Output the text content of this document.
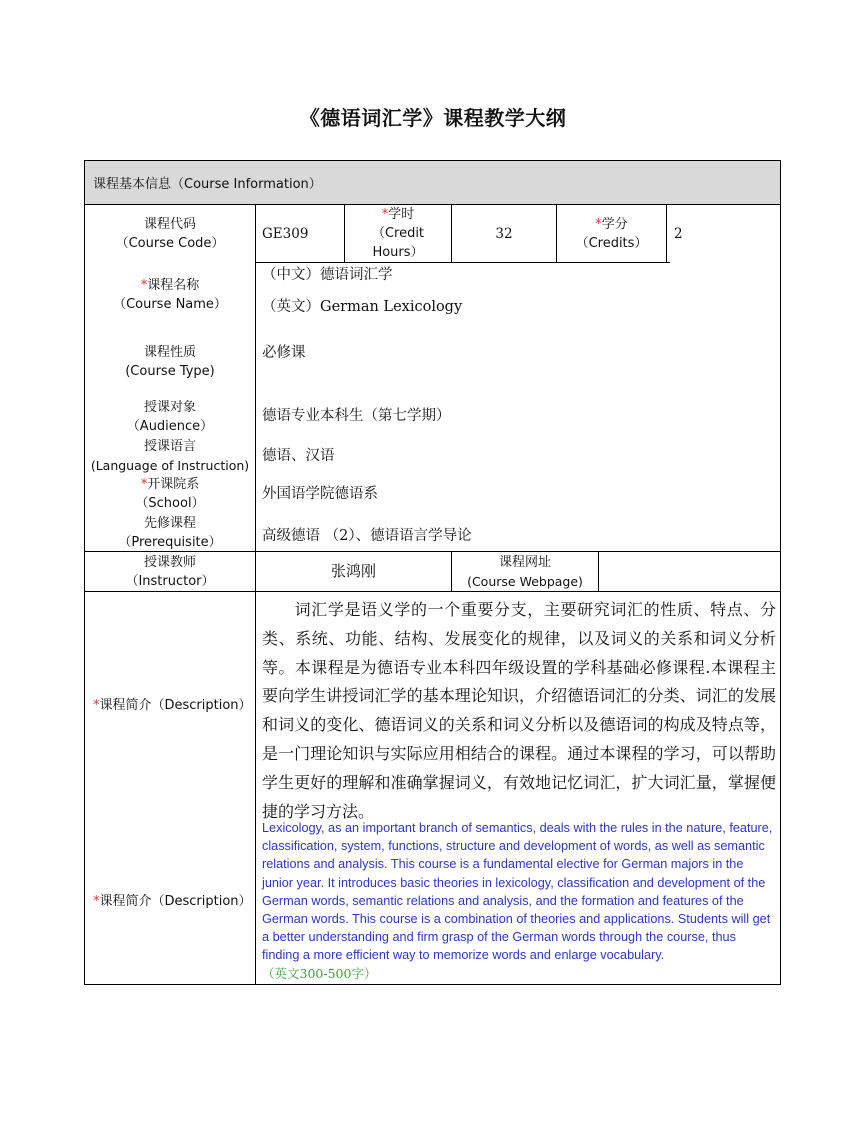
《德语词汇学》课程教学大纲
课程基本信息（Course Information）
课程代码
（Course Code）
GE309
*学时
（Credit
Hours）
32
*学分
（Credits）
2
*课程名称
（Course Name）
（中文）德语词汇学
（英文）German Lexicology
课程性质
(Course Type)
必修课
授课对象
（Audience）
德语专业本科生（第七学期）
授课语言
(Language of Instruction)
德语、汉语
*开课院系
（School）
外国语学院德语系
先修课程
（Prerequisite）	高级德语 （2）、德语语言学导论
授课教师
（Instructor）
张鸿刚	课程网址
(Course Webpage)
*课程简介（Description）
词汇学是语义学的一个重要分支，主要研究词汇的性质、特点、分类、系统、功能、结构、发展变化的规律，以及词义的关系和词义分析等。本课程是为德语专业本科四年级设置的学科基础必修课程.本课程主要向学生讲授词汇学的基本理论知识，介绍德语词汇的分类、词汇的发展和词义的变化、德语词义的关系和词义分析以及德语词的构成及特点等， 是一门理论知识与实际应用相结合的课程。通过本课程的学习，可以帮助学生更好的理解和准确掌握词义，有效地记忆词汇，扩大词汇量，掌握便捷的学习方法。
*课程简介（Description）
Lexicology, as an important branch of semantics, deals with the rules in the nature, feature, classification, system, functions, structure and development of words, as well as semantic relations and analysis. This course is a fundamental elective for German majors in the junior year. It introduces basic theories in lexicology, classification and development of the German words, semantic relations and analysis, and the formation and features of the German words. This course is a combination of theories and applications. Students will get a better understanding and firm grasp of the German words through the course, thus finding a more efficient way to memorize words and enlarge vocabulary.（英文300-500字）
